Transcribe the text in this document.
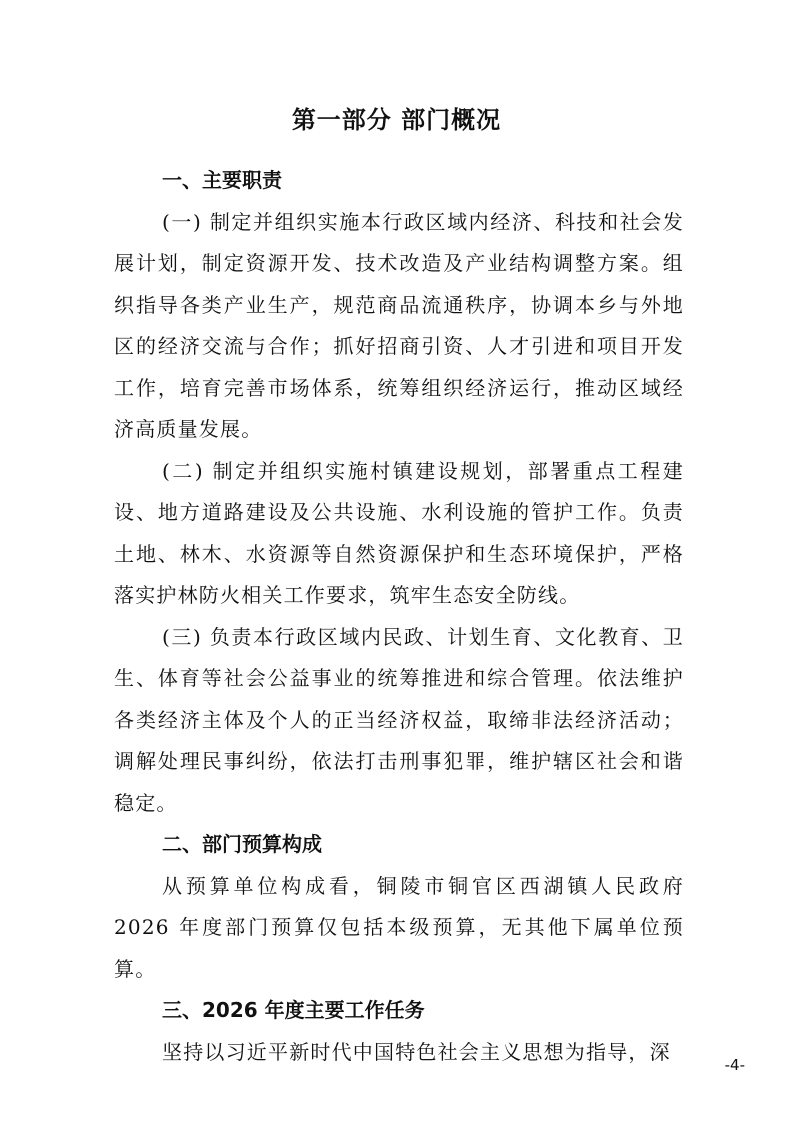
第一部分 部门概况

一、主要职责

(一) 制定并组织实施本行政区域内经济、科技和社会发展计划，制定资源开发、技术改造及产业结构调整方案。组织指导各类产业生产，规范商品流通秩序，协调本乡与外地区的经济交流与合作；抓好招商引资、人才引进和项目开发工作，培育完善市场体系，统筹组织经济运行，推动区域经济高质量发展。

(二) 制定并组织实施村镇建设规划，部署重点工程建设、地方道路建设及公共设施、水利设施的管护工作。负责土地、林木、水资源等自然资源保护和生态环境保护，严格落实护林防火相关工作要求，筑牢生态安全防线。

(三) 负责本行政区域内民政、计划生育、文化教育、卫生、体育等社会公益事业的统筹推进和综合管理。依法维护各类经济主体及个人的正当经济权益，取缔非法经济活动；调解处理民事纠纷，依法打击刑事犯罪，维护辖区社会和谐稳定。

二、部门预算构成

从预算单位构成看，铜陵市铜官区西湖镇人民政府 2026 年度部门预算仅包括本级预算，无其他下属单位预算。

三、2026 年度主要工作任务

坚持以习近平新时代中国特色社会主义思想为指导，深

-4-
